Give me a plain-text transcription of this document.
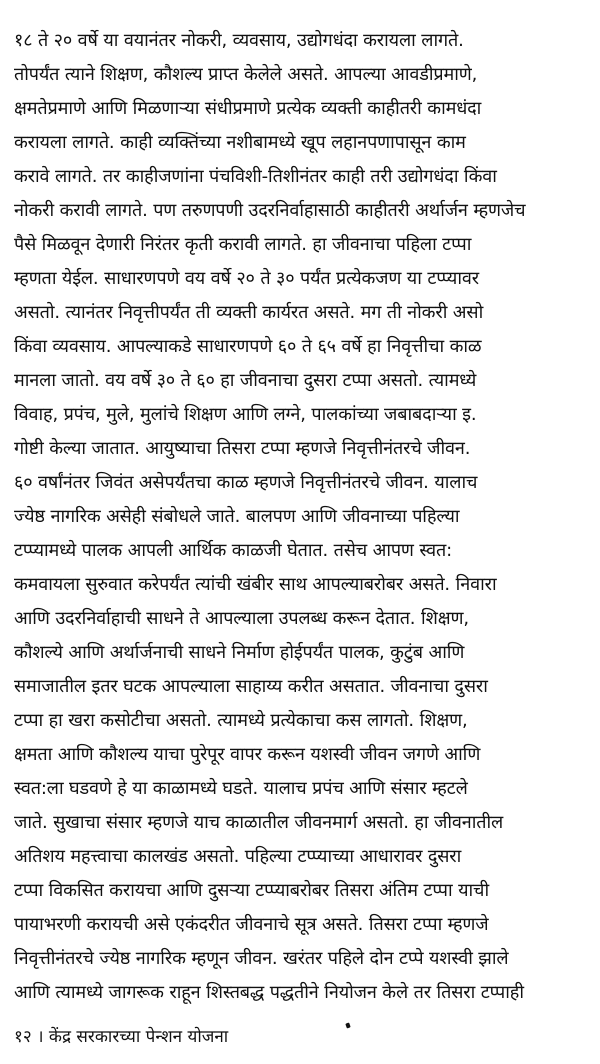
१८ ते २० वर्षे या वयानंतर नोकरी, व्यवसाय, उद्योगधंदा करायला लागते.
तोपर्यंत त्याने शिक्षण, कौशल्य प्राप्त केलेले असते. आपल्या आवडीप्रमाणे,
क्षमतेप्रमाणे आणि मिळणाऱ्या संधीप्रमाणे प्रत्येक व्यक्ती काहीतरी कामधंदा
करायला लागते. काही व्यक्तिंच्या नशीबामध्ये खूप लहानपणापासून काम
करावे लागते. तर काहीजणांना पंचविशी-तिशीनंतर काही तरी उद्योगधंदा किंवा
नोकरी करावी लागते. पण तरुणपणी उदरनिर्वाहासाठी काहीतरी अर्थार्जन म्हणजेच
पैसे मिळवून देणारी निरंतर कृती करावी लागते. हा जीवनाचा पहिला टप्पा
म्हणता येईल. साधारणपणे वय वर्षे २० ते ३० पर्यंत प्रत्येकजण या टप्प्यावर
असतो. त्यानंतर निवृत्तीपर्यंत ती व्यक्ती कार्यरत असते. मग ती नोकरी असो
किंवा व्यवसाय. आपल्याकडे साधारणपणे ६० ते ६५ वर्षे हा निवृत्तीचा काळ
मानला जातो. वय वर्षे ३० ते ६० हा जीवनाचा दुसरा टप्पा असतो. त्यामध्ये
विवाह, प्रपंच, मुले, मुलांचे शिक्षण आणि लग्ने, पालकांच्या जबाबदाऱ्या इ.
गोष्टी केल्या जातात. आयुष्याचा तिसरा टप्पा म्हणजे निवृत्तीनंतरचे जीवन.
६० वर्षांनंतर जिवंत असेपर्यंतचा काळ म्हणजे निवृत्तीनंतरचे जीवन. यालाच
ज्येष्ठ नागरिक असेही संबोधले जाते. बालपण आणि जीवनाच्या पहिल्या
टप्प्यामध्ये पालक आपली आर्थिक काळजी घेतात. तसेच आपण स्वत:
कमवायला सुरुवात करेपर्यंत त्यांची खंबीर साथ आपल्याबरोबर असते. निवारा
आणि उदरनिर्वाहाची साधने ते आपल्याला उपलब्ध करून देतात. शिक्षण,
कौशल्ये आणि अर्थार्जनाची साधने निर्माण होईपर्यंत पालक, कुटुंब आणि
समाजातील इतर घटक आपल्याला साहाय्य करीत असतात. जीवनाचा दुसरा
टप्पा हा खरा कसोटीचा असतो. त्यामध्ये प्रत्येकाचा कस लागतो. शिक्षण,
क्षमता आणि कौशल्य याचा पुरेपूर वापर करून यशस्वी जीवन जगणे आणि
स्वत:ला घडवणे हे या काळामध्ये घडते. यालाच प्रपंच आणि संसार म्हटले
जाते. सुखाचा संसार म्हणजे याच काळातील जीवनमार्ग असतो. हा जीवनातील
अतिशय महत्त्वाचा कालखंड असतो. पहिल्या टप्प्याच्या आधारावर दुसरा
टप्पा विकसित करायचा आणि दुसऱ्या टप्प्याबरोबर तिसरा अंतिम टप्पा याची
पायाभरणी करायची असे एकंदरीत जीवनाचे सूत्र असते. तिसरा टप्पा म्हणजे
निवृत्तीनंतरचे ज्येष्ठ नागरिक म्हणून जीवन. खरंतर पहिले दोन टप्पे यशस्वी झाले
आणि त्यामध्ये जागरूक राहून शिस्तबद्ध पद्धतीने नियोजन केले तर तिसरा टप्पाही
१२ । केंद्र सरकारच्या पेन्शन योजना
